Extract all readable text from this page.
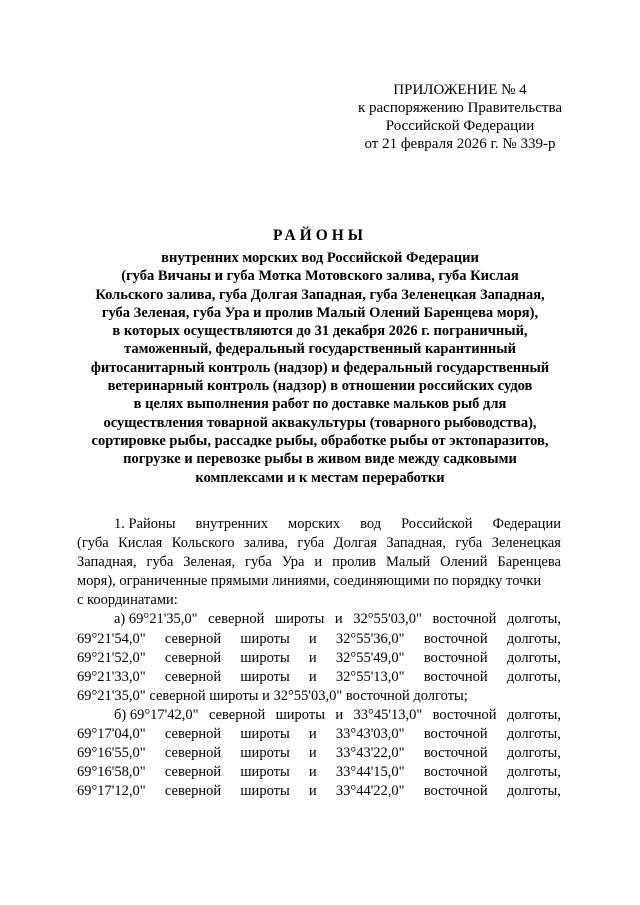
ПРИЛОЖЕНИЕ № 4
к распоряжению Правительства
Российской Федерации
от 21 февраля 2026 г. № 339-р
РАЙОНЫ
внутренних морских вод Российской Федерации
(губа Вичаны и губа Мотка Мотовского залива, губа Кислая
Кольского залива, губа Долгая Западная, губа Зеленецкая Западная,
губа Зеленая, губа Ура и пролив Малый Олений Баренцева моря),
в которых осуществляются до 31 декабря 2026 г. пограничный,
таможенный, федеральный государственный карантинный
фитосанитарный контроль (надзор) и федеральный государственный
ветеринарный контроль (надзор) в отношении российских судов
в целях выполнения работ по доставке мальков рыб для
осуществления товарной аквакультуры (товарного рыбоводства),
сортировке рыбы, рассадке рыбы, обработке рыбы от эктопаразитов,
погрузке и перевозке рыбы в живом виде между садковыми
комплексами и к местам переработки
1. Районы внутренних морских вод Российской Федерации
(губа Кислая Кольского залива, губа Долгая Западная, губа Зеленецкая
Западная, губа Зеленая, губа Ура и пролив Малый Олений Баренцева
моря), ограниченные прямыми линиями, соединяющими по порядку точки
с координатами:
а) 69°21'35,0" северной широты и 32°55'03,0" восточной долготы,
69°21'54,0" северной широты и 32°55'36,0" восточной долготы,
69°21'52,0" северной широты и 32°55'49,0" восточной долготы,
69°21'33,0" северной широты и 32°55'13,0" восточной долготы,
69°21'35,0" северной широты и 32°55'03,0" восточной долготы;
б) 69°17'42,0" северной широты и 33°45'13,0" восточной долготы,
69°17'04,0" северной широты и 33°43'03,0" восточной долготы,
69°16'55,0" северной широты и 33°43'22,0" восточной долготы,
69°16'58,0" северной широты и 33°44'15,0" восточной долготы,
69°17'12,0" северной широты и 33°44'22,0" восточной долготы,
